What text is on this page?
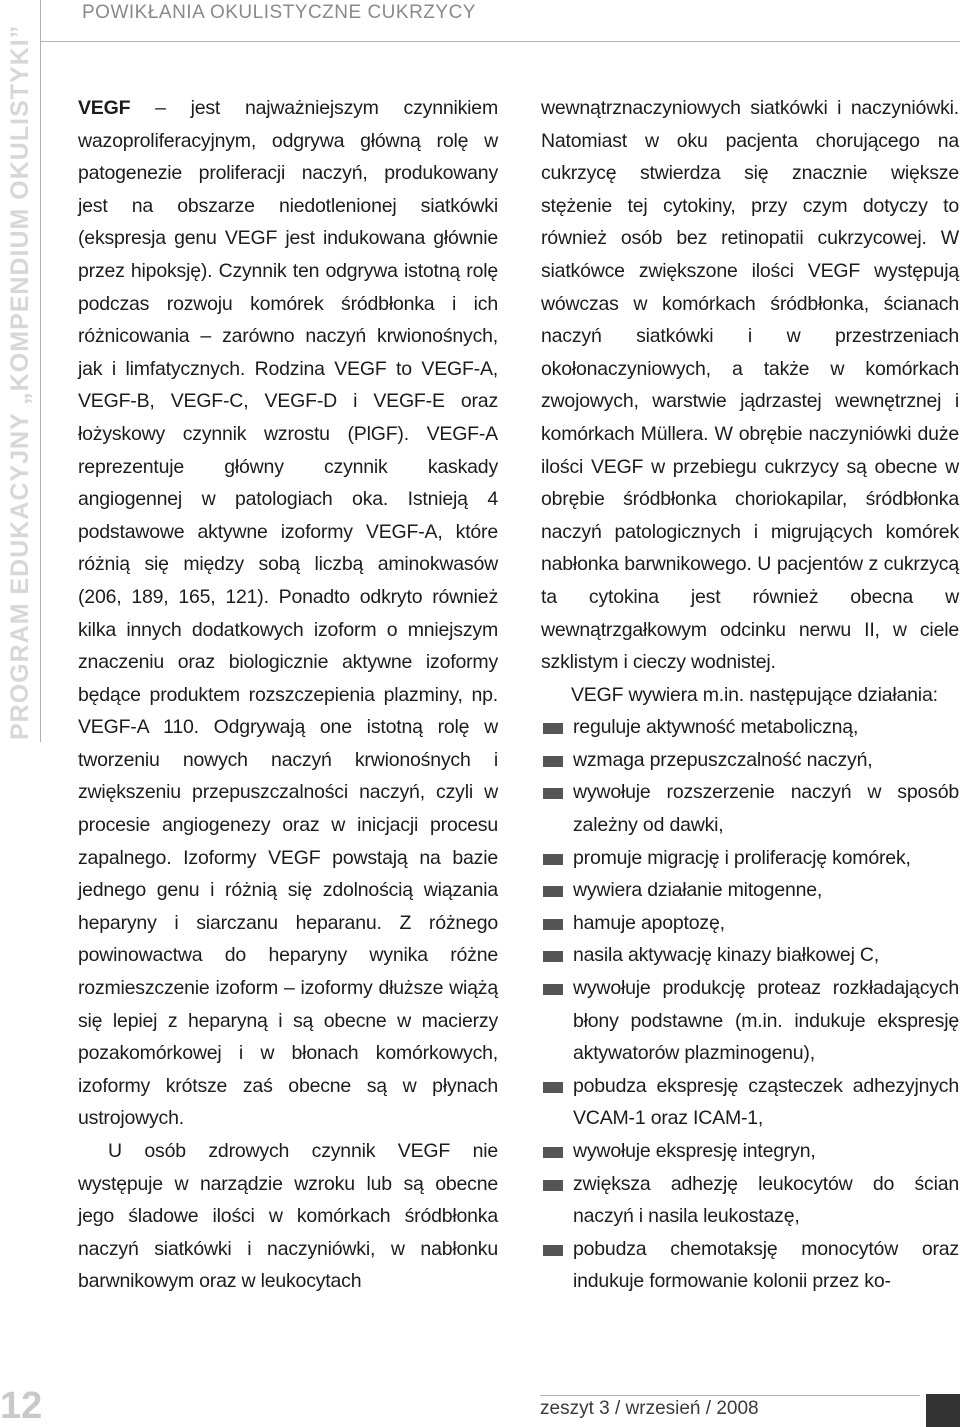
POWIKŁANIA OKULISTYCZNE CUKRZYCY
PROGRAM EDUKACYJNY „KOMPENDIUM OKULISTYKI”	VEGF – jest najważniejszym czynnikiem wazoproliferacyjnym, odgrywa główną rolę w patogenezie proliferacji naczyń, produkowany jest na obszarze niedotlenionej siatkówki (ekspresja genu VEGF jest indukowana głównie przez hipoksję). Czynnik ten odgrywa istotną rolę podczas rozwoju komórek śródbłonka i ich różnicowania – zarówno naczyń krwionośnych, jak i limfatycznych. Rodzina VEGF to VEGF-A, VEGF-B, VEGF-C, VEGF-D i VEGF-E oraz łożyskowy czynnik wzrostu (PlGF). VEGF-A reprezentuje główny czynnik kaskady angiogennej w patologiach oka. Istnieją 4 podstawowe aktywne izoformy VEGF-A, które różnią się między sobą liczbą aminokwasów (206, 189, 165, 121). Ponadto odkryto również kilka innych dodatkowych izoform o mniejszym znaczeniu oraz biologicznie aktywne izoformy będące produktem rozszczepienia plazminy, np. VEGF-A 110. Odgrywają one istotną rolę w tworzeniu nowych naczyń krwionośnych i zwiększeniu przepuszczalności naczyń, czyli w procesie angiogenezy oraz w inicjacji procesu zapalnego. Izoformy VEGF powstają na bazie jednego genu i różnią się zdolnością wiązania heparyny i siarczanu heparanu. Z różnego powinowactwa do heparyny wynika różne rozmieszczenie izoform – izoformy dłuższe wiążą się lepiej z heparyną i są obecne w macierzy pozakomórkowej i w błonach komórkowych, izoformy krótsze zaś obecne są w płynach ustrojowych.

U osób zdrowych czynnik VEGF nie występuje w narządzie wzroku lub są obecne jego śladowe ilości w komórkach śródbłonka naczyń siatkówki i naczyniówki, w nabłonku barwnikowym oraz w leukocytach

wewnątrznaczyniowych siatkówki i naczyniówki. Natomiast w oku pacjenta chorującego na cukrzycę stwierdza się znacznie większe stężenie tej cytokiny, przy czym dotyczy to również osób bez retinopatii cukrzycowej. W siatkówce zwiększone ilości VEGF występują wówczas w komórkach śródbłonka, ścianach naczyń siatkówki i w przestrzeniach okołonaczyniowych, a także w komórkach zwojowych, warstwie jądrzastej wewnętrznej i komórkach Müllera. W obrębie naczyniówki duże ilości VEGF w przebiegu cukrzycy są obecne w obrębie śródbłonka choriokapilar, śródbłonka naczyń patologicznych i migrujących komórek nabłonka barwnikowego. U pacjentów z cukrzycą ta cytokina jest również obecna w wewnątrzgałkowym odcinku nerwu II, w ciele szklistym i cieczy wodnistej.

VEGF wywiera m.in. następujące działania:

reguluje aktywność metaboliczną,
wzmaga przepuszczalność naczyń,
wywołuje rozszerzenie naczyń w sposób zależny od dawki,
promuje migrację i proliferację komórek,
wywiera działanie mitogenne,
hamuje apoptozę,
nasila aktywację kinazy białkowej C,
wywołuje produkcję proteaz rozkładających błony podstawne (m.in. indukuje ekspresję aktywatorów plazminogenu),
pobudza ekspresję cząsteczek adhezyjnych VCAM-1 oraz ICAM-1,
wywołuje ekspresję integryn,
zwiększa adhezję leukocytów do ścian naczyń i nasila leukostazę,
pobudza chemotaksję monocytów oraz indukuje formowanie kolonii przez ko-
12	zeszyt 3 / wrzesień / 2008
